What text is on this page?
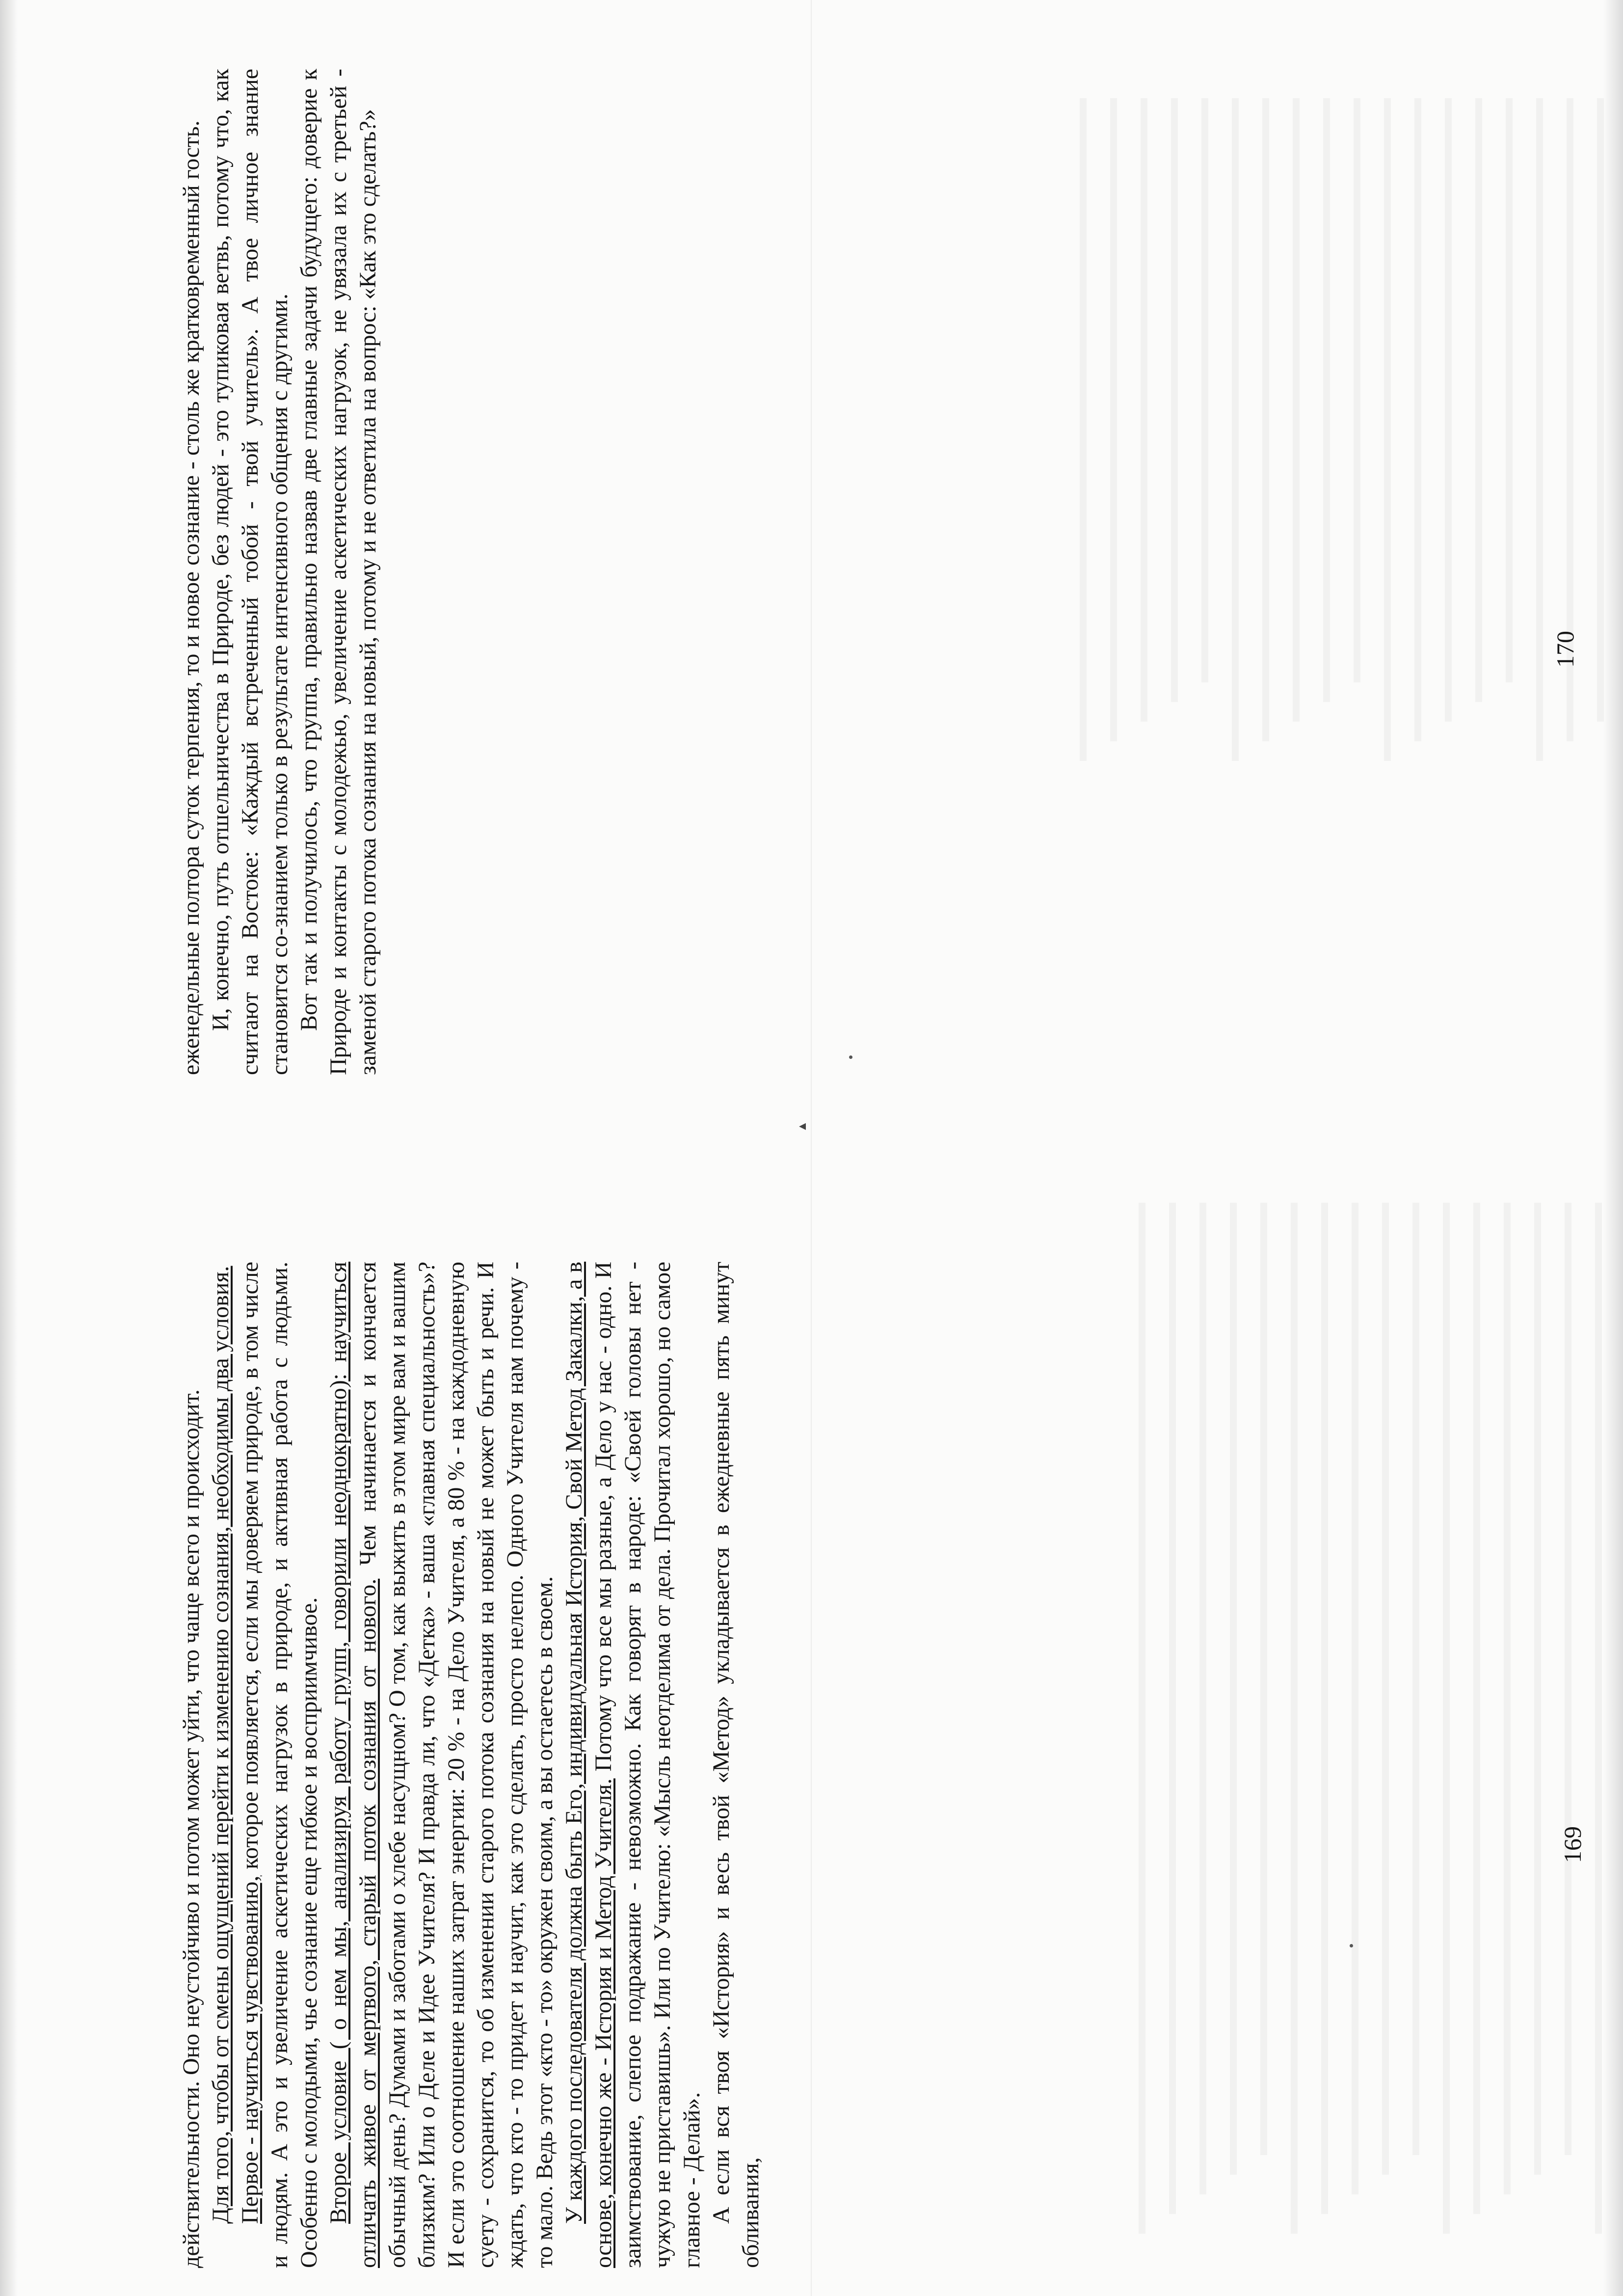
◂

еженедельные полтора суток терпения, то и новое сознание - столь же кратковременный гость. И, конечно, путь отшельничества в Природе, без людей - это тупиковая ветвь, потому что, как считают на Востоке: «Каждый встреченный тобой - твой учитель». А твое личное знание становится со-знанием только в результате интенсивного общения с другими. Вот так и получилось, что группа, правильно назвав две главные задачи будущего: доверие к Природе и контакты с молодежью, увеличение аскетических нагрузок, не увязала их с третьей - заменой старого потока сознания на новый, потому и не ответила на вопрос: «Как это сделать?»

действительности. Оно неустойчиво и потом может уйти, что чаще всего и происходит. Для того, чтобы от смены ощущений перейти к изменению сознания, необходимы два условия. Первое - научиться чувствованию, которое появляется, если мы доверяем природе, в том числе и людям. А это и увеличение аскетических нагрузок в природе, и активная работа с людьми. Особенно с молодыми, чье сознание еще гибкое и восприимчивое. Второе условие ( о нем мы, анализируя работу групп, говорили неоднократно): научиться отличать живое от мертвого, старый поток сознания от нового. Чем начинается и кончается обычный день? Думами и заботами о хлебе насущном? О том, как выжить в этом мире вам и вашим близким? Или о Деле и Идее Учителя? И правда ли, что «Детка» - ваша «главная специальность»? И если это соотношение наших затрат энергии: 20 % - на Дело Учителя, а 80 % - на каждодневную суету - сохранится, то об изменении старого потока сознания на новый не может быть и речи. И ждать, что кто - то придет и научит, как это сделать, просто нелепо. Одного Учителя нам почему - то мало. Ведь этот «кто - то» окружен своим, а вы остаетесь в своем. У каждого последователя должна быть Его, индивидуальная История, Свой Метод Закалки, а в основе, конечно же - История и Метод Учителя. Потому что все мы разные, а Дело у нас - одно. И заимствование, слепое подражание - невозможно. Как говорят в народе: «Своей головы нет - чужую не приставишь». Или по Учителю: «Мысль неотделима от дела. Прочитал хорошо, но самое главное - Делай». А если вся твоя «История» и весь твой «Метод» укладывается в ежедневные пять минут обливания,

170
169
